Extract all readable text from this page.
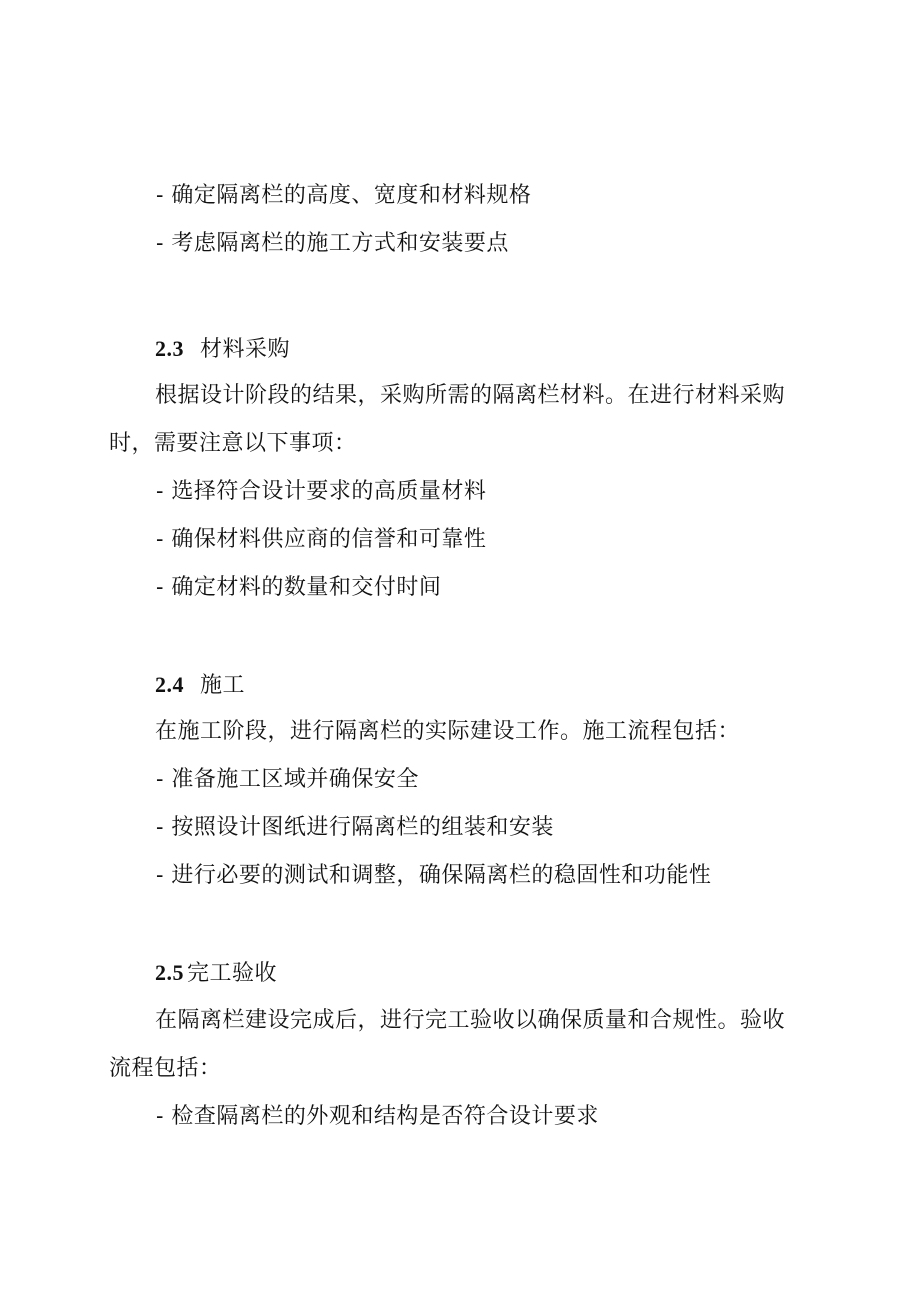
- 确定隔离栏的高度、宽度和材料规格
- 考虑隔离栏的施工方式和安装要点
2.3 材料采购
根据设计阶段的结果，采购所需的隔离栏材料。在进行材料采购
时，需要注意以下事项：
- 选择符合设计要求的高质量材料
- 确保材料供应商的信誉和可靠性
- 确定材料的数量和交付时间
2.4 施工
在施工阶段，进行隔离栏的实际建设工作。施工流程包括：
- 准备施工区域并确保安全
- 按照设计图纸进行隔离栏的组装和安装
- 进行必要的测试和调整，确保隔离栏的稳固性和功能性
2.5 完工验收
在隔离栏建设完成后，进行完工验收以确保质量和合规性。验收
流程包括：
- 检查隔离栏的外观和结构是否符合设计要求
